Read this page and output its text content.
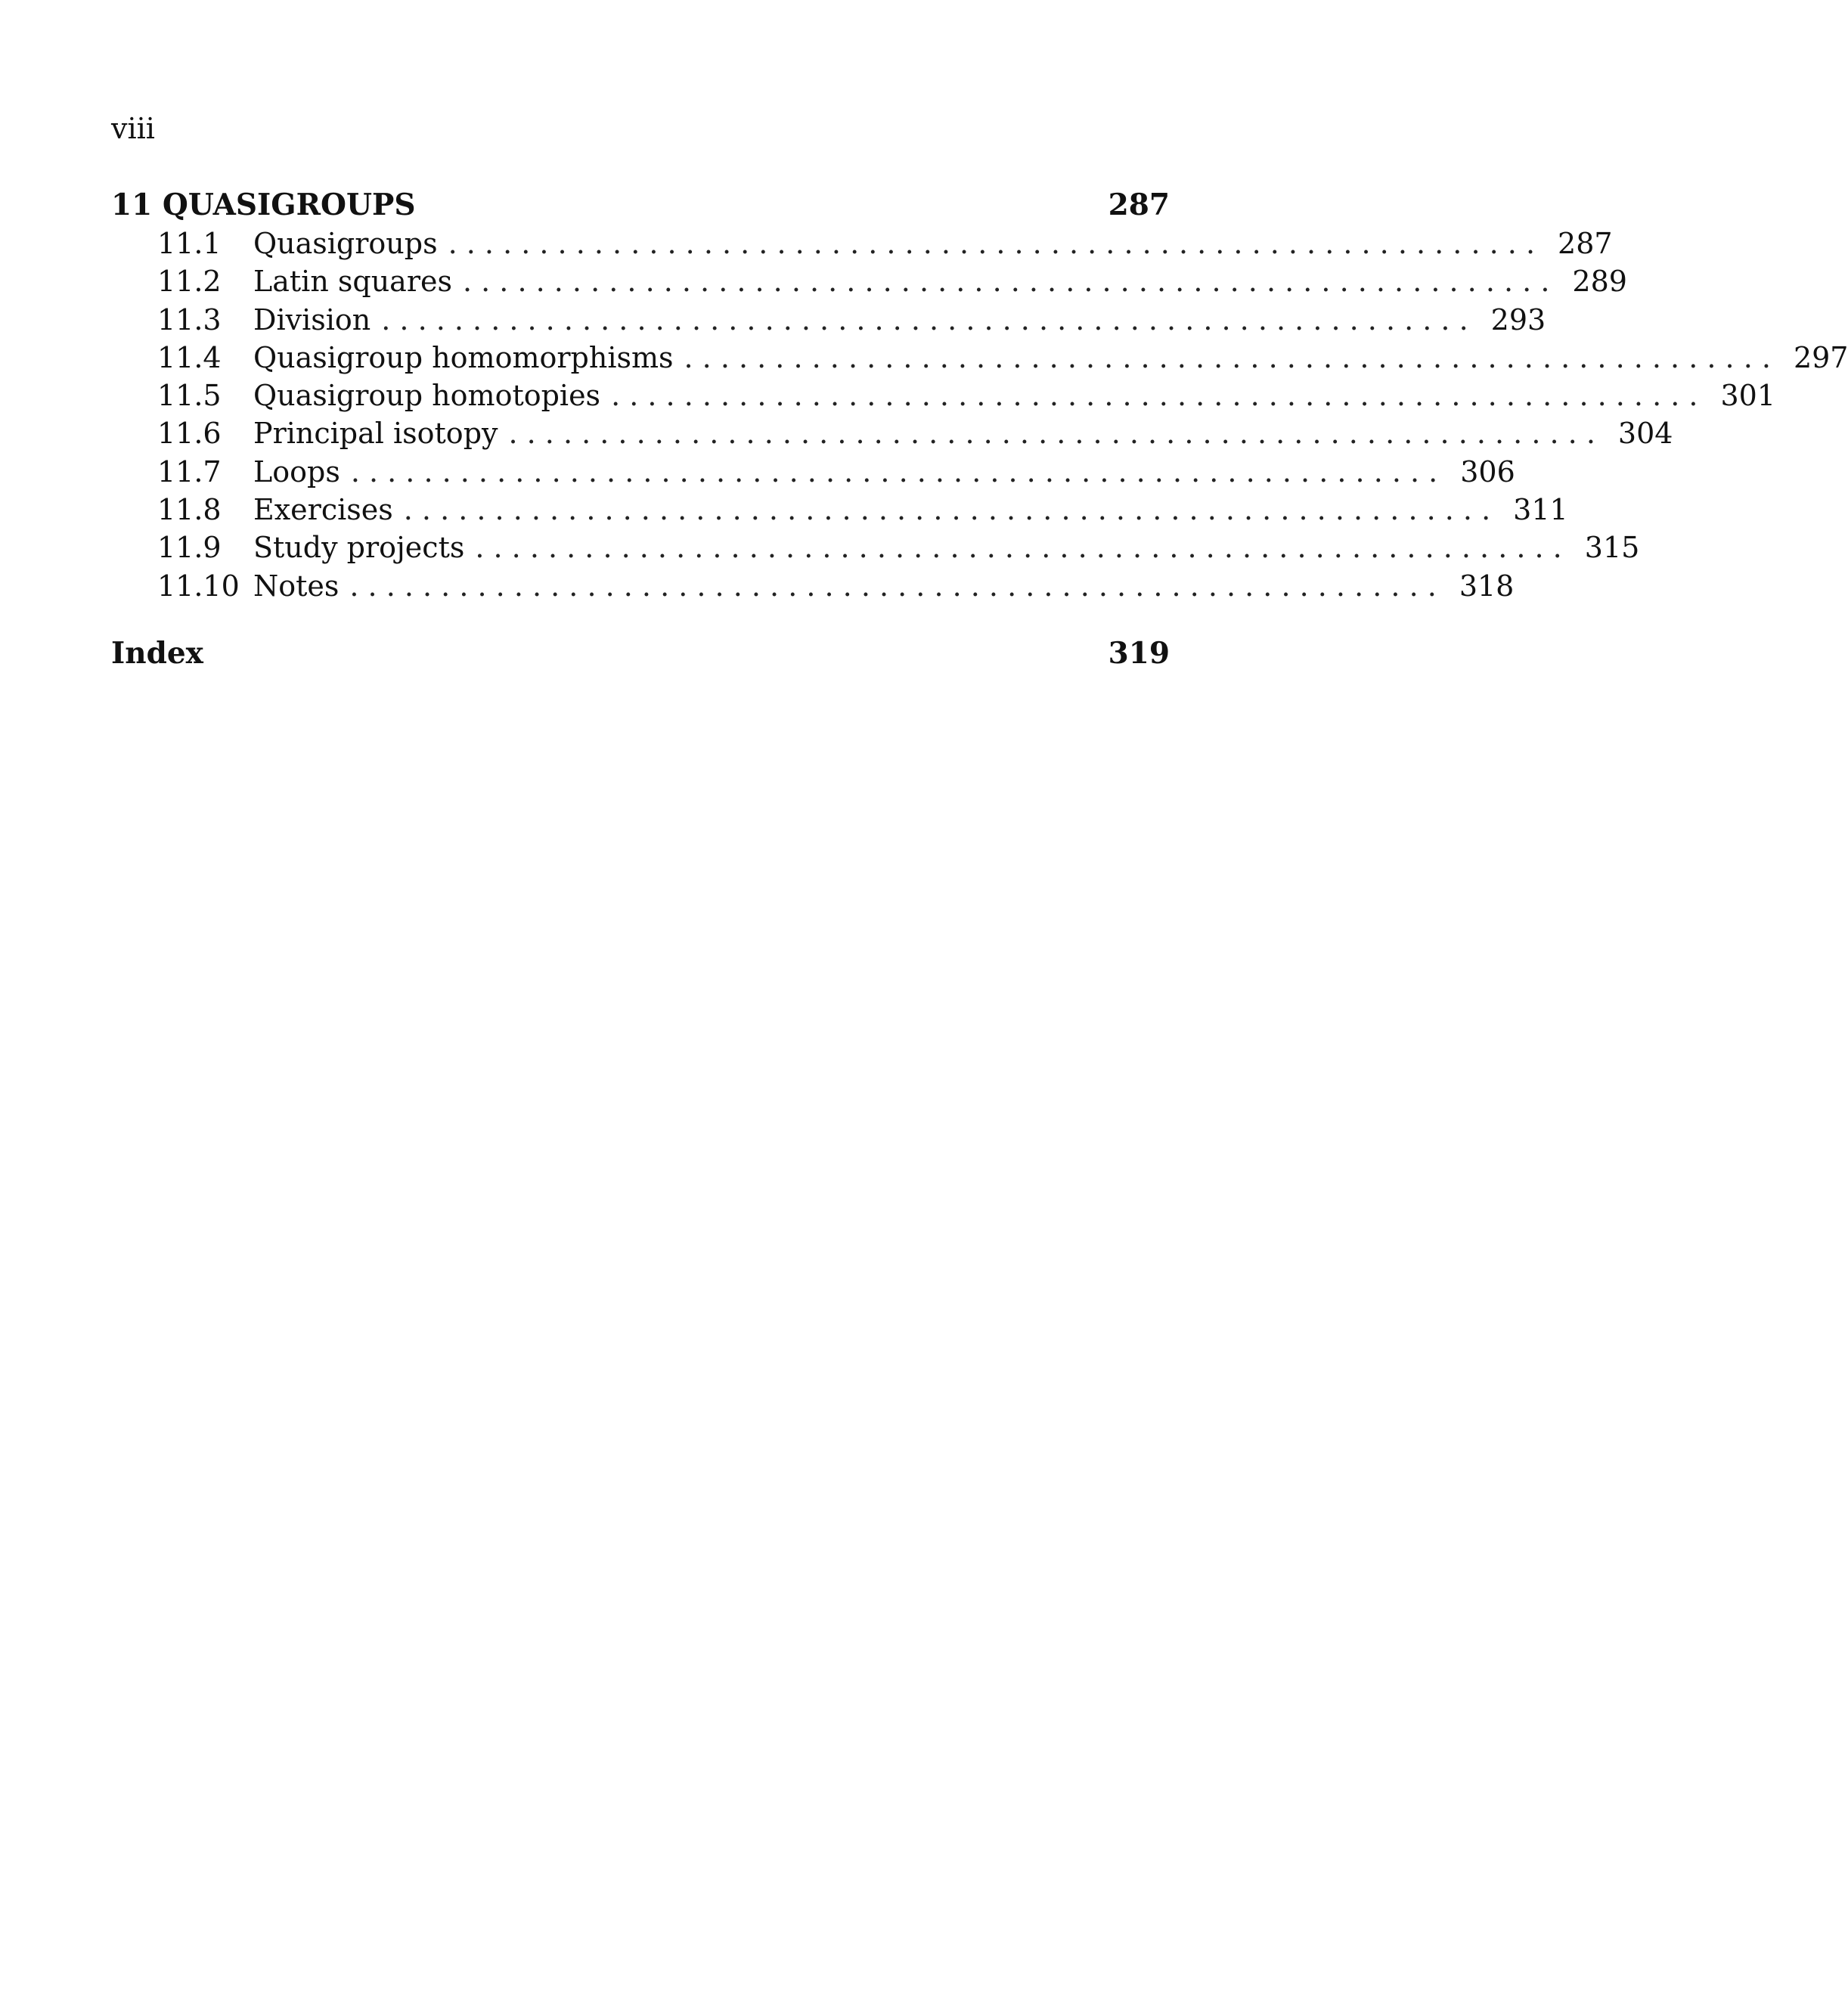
viii
11 QUASIGROUPS	287
11.1	Quasigroups . . . . . . . . . . . . . . . . . . . . . . . . . . . . . . . . . . . . . . . . . . . . . . . . . . . . . . . . . . . . 287
11.2	Latin squares . . . . . . . . . . . . . . . . . . . . . . . . . . . . . . . . . . . . . . . . . . . . . . . . . . . . . . . . . . . . 289
11.3	Division . . . . . . . . . . . . . . . . . . . . . . . . . . . . . . . . . . . . . . . . . . . . . . . . . . . . . . . . . . . . 293
11.4	Quasigroup homomorphisms . . . . . . . . . . . . . . . . . . . . . . . . . . . . . . . . . . . . . . . . . . . . . . . . . . . . . . . . . . . . 297
11.5	Quasigroup homotopies . . . . . . . . . . . . . . . . . . . . . . . . . . . . . . . . . . . . . . . . . . . . . . . . . . . . . . . . . . . . 301
11.6	Principal isotopy . . . . . . . . . . . . . . . . . . . . . . . . . . . . . . . . . . . . . . . . . . . . . . . . . . . . . . . . . . . . 304
11.7	Loops . . . . . . . . . . . . . . . . . . . . . . . . . . . . . . . . . . . . . . . . . . . . . . . . . . . . . . . . . . . . 306
11.8	Exercises . . . . . . . . . . . . . . . . . . . . . . . . . . . . . . . . . . . . . . . . . . . . . . . . . . . . . . . . . . . . 311
11.9	Study projects . . . . . . . . . . . . . . . . . . . . . . . . . . . . . . . . . . . . . . . . . . . . . . . . . . . . . . . . . . . . 315
11.10 Notes . . . . . . . . . . . . . . . . . . . . . . . . . . . . . . . . . . . . . . . . . . . . . . . . . . . . . . . . . . . . 318
Index	319
